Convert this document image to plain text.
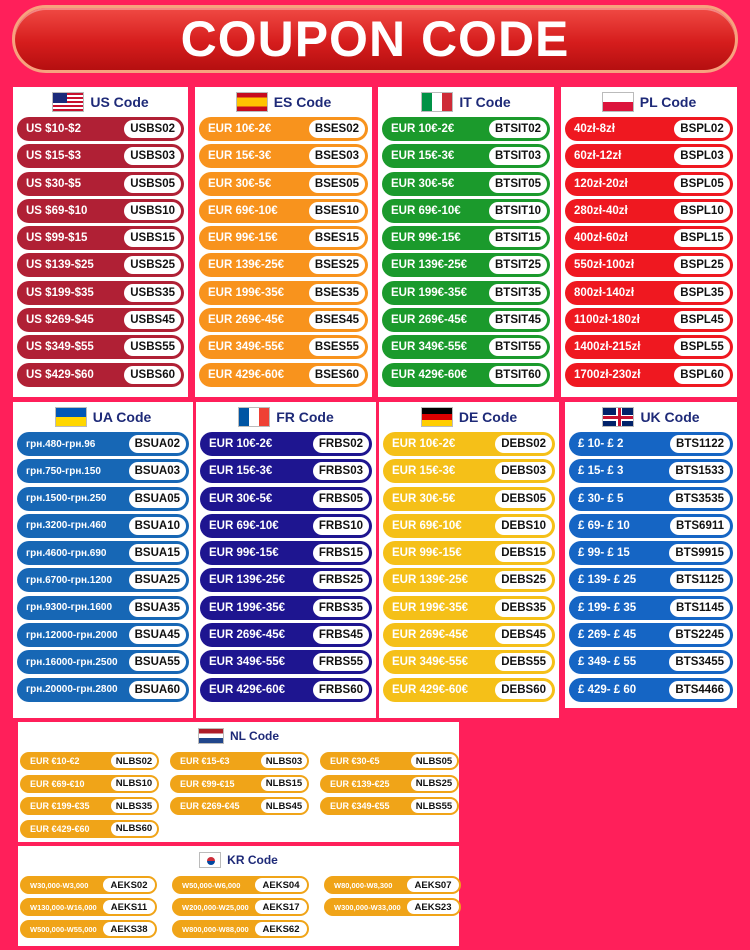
COUPON CODE
US Code
US $10-$2	USBS02
US $15-$3	USBS03
US $30-$5	USBS05
US $69-$10	USBS10
US $99-$15	USBS15
US $139-$25	USBS25
US $199-$35	USBS35
US $269-$45	USBS45
US $349-$55	USBS55
US $429-$60	USBS60
ES Code
EUR 10€-2€	BSES02
EUR 15€-3€	BSES03
EUR 30€-5€	BSES05
EUR 69€-10€	BSES10
EUR 99€-15€	BSES15
EUR 139€-25€	BSES25
EUR 199€-35€	BSES35
EUR 269€-45€	BSES45
EUR 349€-55€	BSES55
EUR 429€-60€	BSES60
IT Code
EUR 10€-2€	BTSIT02
EUR 15€-3€	BTSIT03
EUR 30€-5€	BTSIT05
EUR 69€-10€	BTSIT10
EUR 99€-15€	BTSIT15
EUR 139€-25€	BTSIT25
EUR 199€-35€	BTSIT35
EUR 269€-45€	BTSIT45
EUR 349€-55€	BTSIT55
EUR 429€-60€	BTSIT60
PL Code
40zł-8zł	BSPL02
60zł-12zł	BSPL03
120zł-20zł	BSPL05
280zł-40zł	BSPL10
400zł-60zł	BSPL15
550zł-100zł	BSPL25
800zł-140zł	BSPL35
1100zł-180zł	BSPL45
1400zł-215zł	BSPL55
1700zł-230zł	BSPL60
UA Code
грн.480-грн.96	BSUA02
грн.750-грн.150	BSUA03
грн.1500-грн.250	BSUA05
грн.3200-грн.460	BSUA10
грн.4600-грн.690	BSUA15
грн.6700-грн.1200	BSUA25
грн.9300-грн.1600	BSUA35
грн.12000-грн.2000	BSUA45
грн.16000-грн.2500	BSUA55
грн.20000-грн.2800	BSUA60
FR Code
EUR 10€-2€	FRBS02
EUR 15€-3€	FRBS03
EUR 30€-5€	FRBS05
EUR 69€-10€	FRBS10
EUR 99€-15€	FRBS15
EUR 139€-25€	FRBS25
EUR 199€-35€	FRBS35
EUR 269€-45€	FRBS45
EUR 349€-55€	FRBS55
EUR 429€-60€	FRBS60
DE Code
EUR 10€-2€	DEBS02
EUR 15€-3€	DEBS03
EUR 30€-5€	DEBS05
EUR 69€-10€	DEBS10
EUR 99€-15€	DEBS15
EUR 139€-25€	DEBS25
EUR 199€-35€	DEBS35
EUR 269€-45€	DEBS45
EUR 349€-55€	DEBS55
EUR 429€-60€	DEBS60
UK Code
£ 10- £ 2	BTS1122
£ 15- £ 3	BTS1533
£ 30- £ 5	BTS3535
£ 69- £ 10	BTS6911
£ 99- £ 15	BTS9915
£ 139- £ 25	BTS1125
£ 199- £ 35	BTS1145
£ 269- £ 45	BTS2245
£ 349- £ 55	BTS3455
£ 429- £ 60	BTS4466
NL Code
EUR €10-€2	NLBS02	EUR €15-€3	NLBS03	EUR €30-€5	NLBS05
EUR €69-€10	NLBS10	EUR €99-€15	NLBS15	EUR €139-€25	NLBS25
EUR €199-€35	NLBS35	EUR €269-€45	NLBS45	EUR €349-€55	NLBS55
EUR €429-€60	NLBS60
KR Code
W30,000-W3,000	AEKS02	W50,000-W6,000	AEKS04	W80,000-W8,300	AEKS07
W130,000-W16,000	AEKS11	W200,000-W25,000	AEKS17	W300,000-W33,000	AEKS23
W500,000-W55,000	AEKS38	W800,000-W88,000	AEKS62
